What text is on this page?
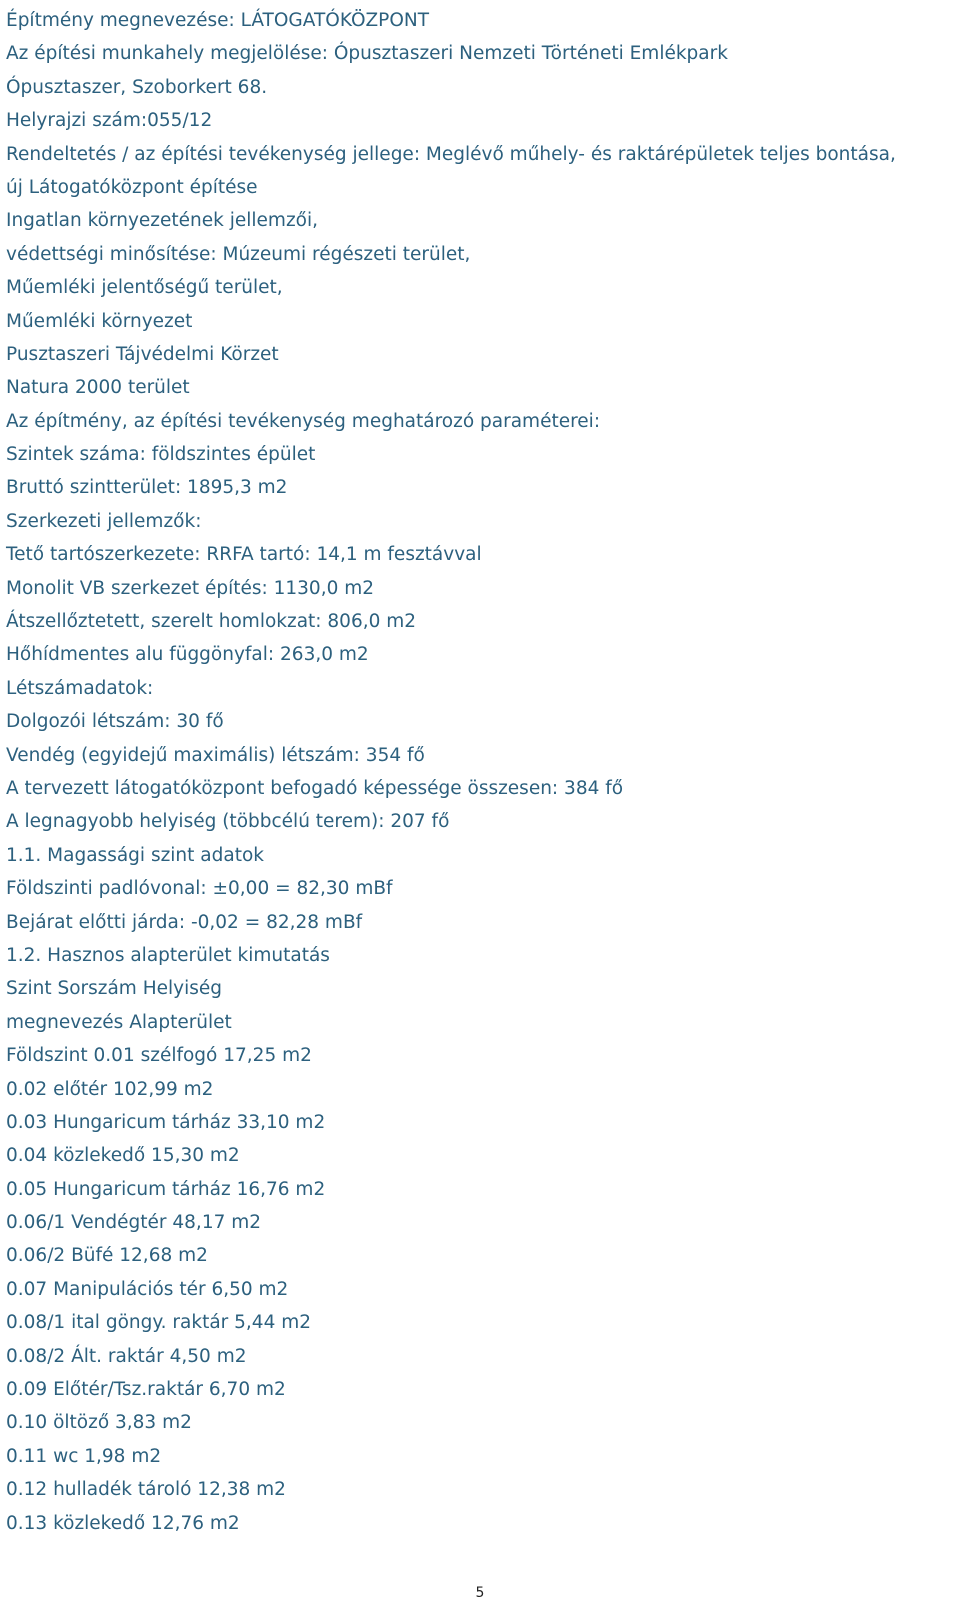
Építmény megnevezése: LÁTOGATÓKÖZPONT
Az építési munkahely megjelölése: Ópusztaszeri Nemzeti Történeti Emlékpark
Ópusztaszer, Szoborkert 68.
Helyrajzi szám:055/12
Rendeltetés / az építési tevékenység jellege: Meglévő műhely- és raktárépületek teljes bontása,
új Látogatóközpont építése
Ingatlan környezetének jellemzői,
védettségi minősítése: Múzeumi régészeti terület,
Műemléki jelentőségű terület,
Műemléki környezet
Pusztaszeri Tájvédelmi Körzet
Natura 2000 terület
Az építmény, az építési tevékenység meghatározó paraméterei:
Szintek száma: földszintes épület
Bruttó szintterület: 1895,3 m2
Szerkezeti jellemzők:
Tető tartószerkezete: RRFA tartó: 14,1 m fesztávval
Monolit VB szerkezet építés: 1130,0 m2
Átszellőztetett, szerelt homlokzat: 806,0 m2
Hőhídmentes alu függönyfal: 263,0 m2
Létszámadatok:
Dolgozói létszám: 30 fő
Vendég (egyidejű maximális) létszám: 354 fő
A tervezett látogatóközpont befogadó képessége összesen: 384 fő
A legnagyobb helyiség (többcélú terem): 207 fő
1.1. Magassági szint adatok
Földszinti padlóvonal: ±0,00 = 82,30 mBf
Bejárat előtti járda: -0,02 = 82,28 mBf
1.2. Hasznos alapterület kimutatás
Szint Sorszám Helyiség
megnevezés Alapterület
Földszint 0.01 szélfogó 17,25 m2
0.02 előtér 102,99 m2
0.03 Hungaricum tárház 33,10 m2
0.04 közlekedő 15,30 m2
0.05 Hungaricum tárház 16,76 m2
0.06/1 Vendégtér 48,17 m2
0.06/2 Büfé 12,68 m2
0.07 Manipulációs tér 6,50 m2
0.08/1 ital göngy. raktár 5,44 m2
0.08/2 Ált. raktár 4,50 m2
0.09 Előtér/Tsz.raktár 6,70 m2
0.10 öltöző 3,83 m2
0.11 wc 1,98 m2
0.12 hulladék tároló 12,38 m2
0.13 közlekedő 12,76 m2
5
